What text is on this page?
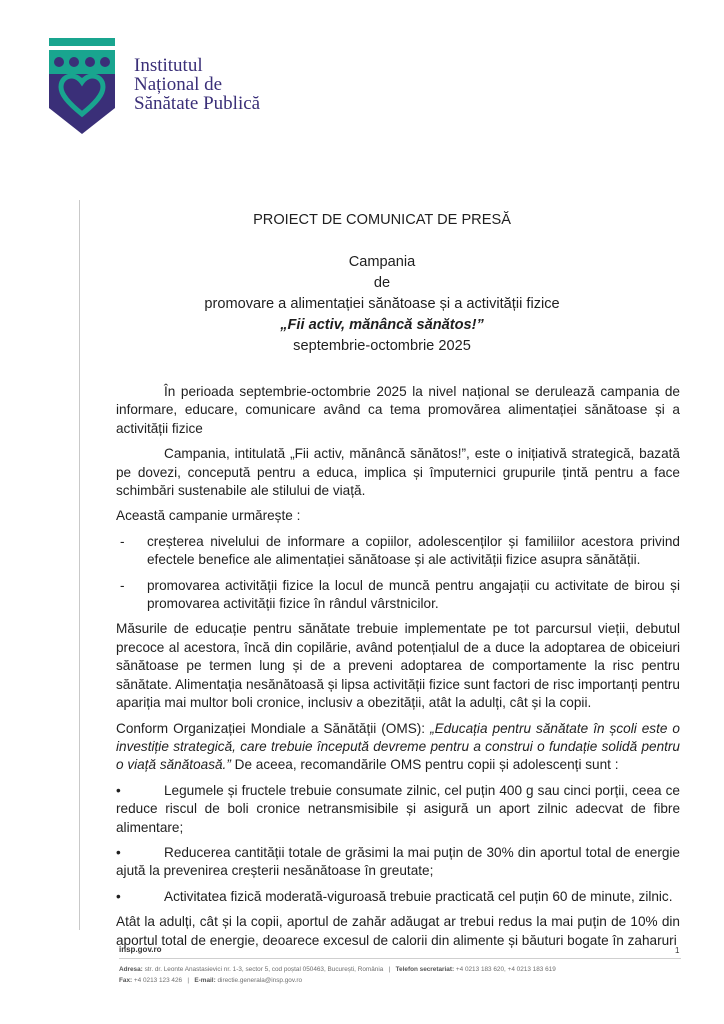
Institutul
Național de
Sănătate Publică
PROIECT DE COMUNICAT DE PRESĂ
Campania
de
promovare a alimentației sănătoase și a activității fizice
„Fii activ, mănâncă sănătos!”
septembrie-octombrie 2025

În perioada septembrie-octombrie 2025 la nivel național se derulează campania de informare, educare, comunicare având ca tema promovărea alimentației sănătoase și a activității fizice

Campania, intitulată „Fii activ, mănâncă sănătos!”, este o inițiativă strategică, bazată pe dovezi, concepută pentru a educa, implica și împuternici grupurile țintă pentru a face schimbări sustenabile ale stilului de viață.

Această campanie urmărește :

- creșterea nivelului de informare a copiilor, adolescenților și familiilor acestora privind efectele benefice ale alimentației sănătoase și ale activității fizice asupra sănătății.
- promovarea activității fizice la locul de muncă pentru angajații cu activitate de birou și promovarea activității fizice în rândul vârstnicilor.

Măsurile de educație pentru sănătate trebuie implementate pe tot parcursul vieții, debutul precoce al acestora, încă din copilărie, având potențialul de a duce la adoptarea de obiceiuri sănătoase pe termen lung și de a preveni adoptarea de comportamente la risc pentru sănătate. Alimentația nesănătoasă și lipsa activității fizice sunt factori de risc importanți pentru apariția mai multor boli cronice, inclusiv a obezității, atât la adulți, cât și la copii.

Conform Organizației Mondiale a Sănătății (OMS): „Educația pentru sănătate în școli este o investiție strategică, care trebuie începută devreme pentru a construi o fundație solidă pentru o viață sănătoasă.” De aceea, recomandările OMS pentru copii și adolescenți sunt :

•	Legumele și fructele trebuie consumate zilnic, cel puțin 400 g sau cinci porții, ceea ce reduce riscul de boli cronice netransmisibile și asigură un aport zilnic adecvat de fibre alimentare;

•	Reducerea cantității totale de grăsimi la mai puțin de 30% din aportul total de energie ajută la prevenirea creșterii nesănătoase în greutate;

•	Activitatea fizică moderată-viguroasă trebuie practicată cel puțin 60 de minute, zilnic.

Atât la adulți, cât și la copii, aportul de zahăr adăugat ar trebui redus la mai puțin de 10% din aportul total de energie, deoarece excesul de calorii din alimente și băuturi bogate în zaharuri

insp.gov.ro	1
Adresa: str. dr. Leonte Anastasievici nr. 1-3, sector 5, cod poștal 050463, București, România | Telefon secretariat: +4 0213 183 620, +4 0213 183 619
Fax: +4 0213 123 426 | E-mail: directie.generala@insp.gov.ro
